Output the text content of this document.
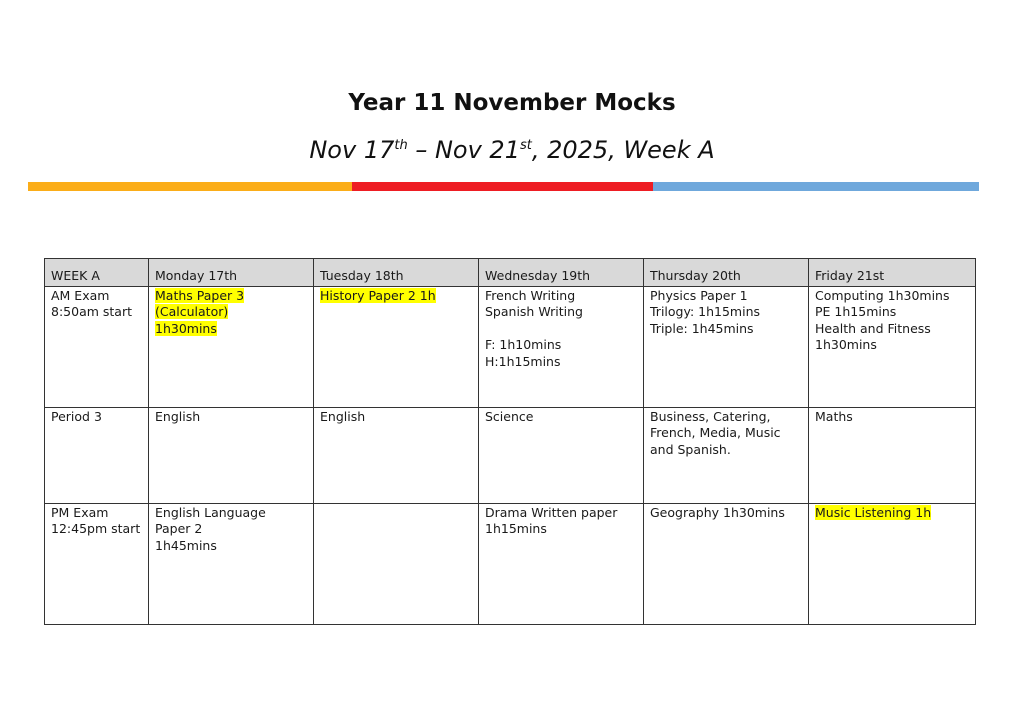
Year 11 November Mocks
Nov 17th – Nov 21st, 2025, Week A
WEEK A	Monday 17th	Tuesday 18th	Wednesday 19th	Thursday 20th	Friday 21st

AM Exam
8:50am start	Maths Paper 3
(Calculator)
1h30mins	History Paper 2 1h	French Writing
Spanish Writing
F: 1h10mins
H:1h15mins	Physics Paper 1
Trilogy: 1h15mins
Triple: 1h45mins	Computing 1h30mins
PE 1h15mins
Health and Fitness
1h30mins

Period 3	English	English	Science	Business, Catering,
French, Media, Music
and Spanish.	Maths

PM Exam
12:45pm start	English Language
Paper 2
1h45mins		Drama Written paper
1h15mins	Geography 1h30mins	Music Listening 1h
